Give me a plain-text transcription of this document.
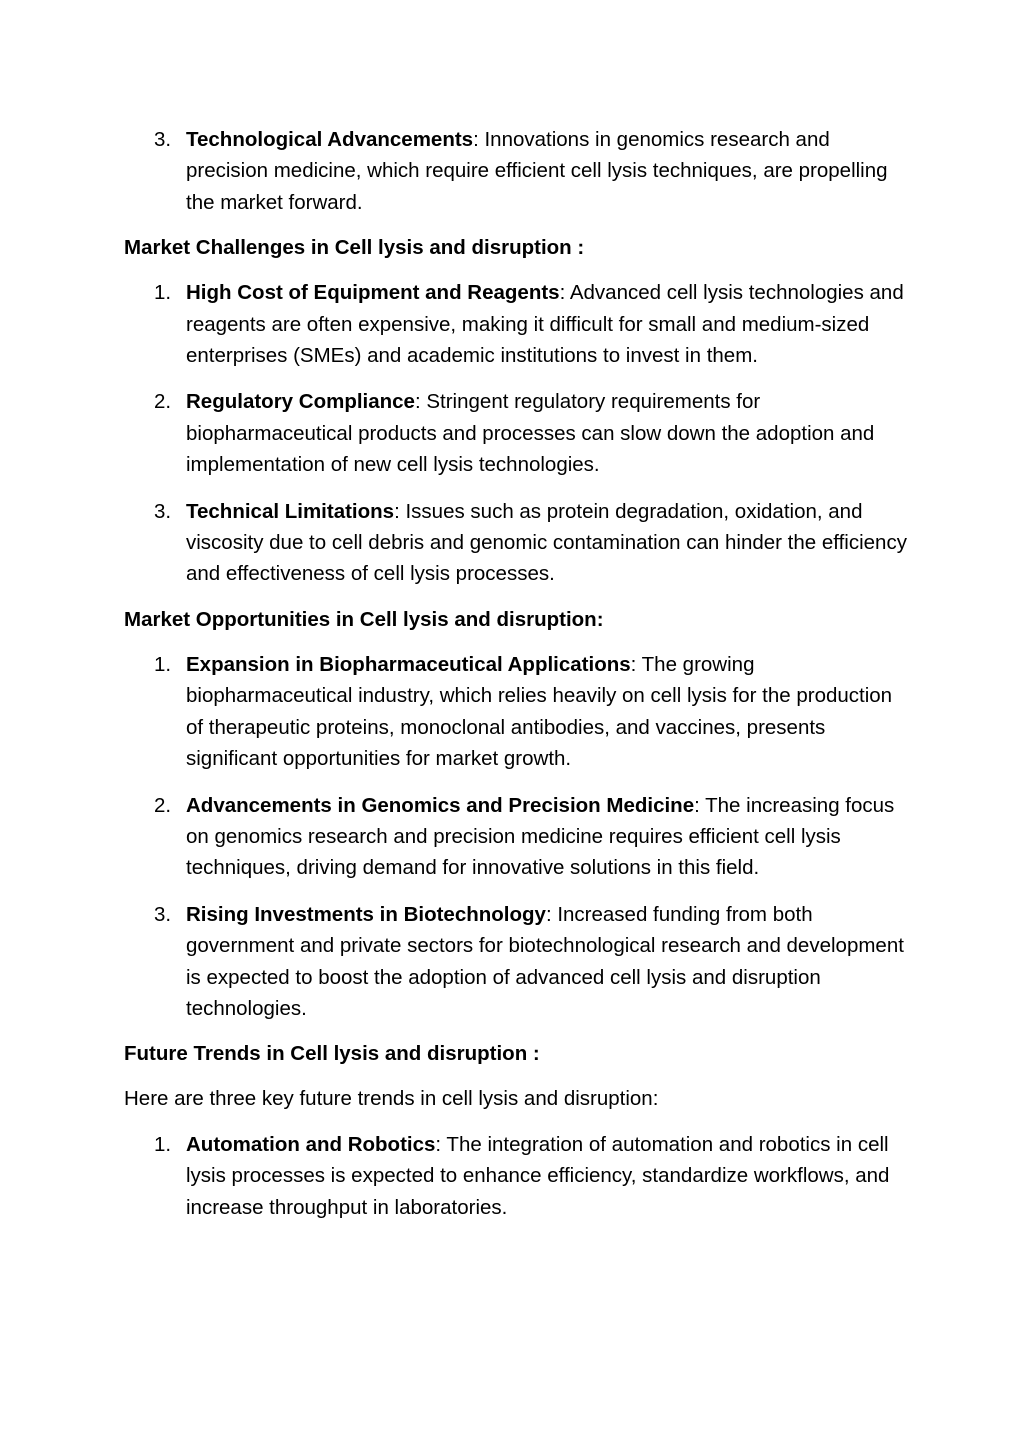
3. Technological Advancements: Innovations in genomics research and precision medicine, which require efficient cell lysis techniques, are propelling the market forward.

Market Challenges in Cell lysis and disruption :

1. High Cost of Equipment and Reagents: Advanced cell lysis technologies and reagents are often expensive, making it difficult for small and medium-sized enterprises (SMEs) and academic institutions to invest in them.
2. Regulatory Compliance: Stringent regulatory requirements for biopharmaceutical products and processes can slow down the adoption and implementation of new cell lysis technologies.
3. Technical Limitations: Issues such as protein degradation, oxidation, and viscosity due to cell debris and genomic contamination can hinder the efficiency and effectiveness of cell lysis processes.

Market Opportunities in Cell lysis and disruption:

1. Expansion in Biopharmaceutical Applications: The growing biopharmaceutical industry, which relies heavily on cell lysis for the production of therapeutic proteins, monoclonal antibodies, and vaccines, presents significant opportunities for market growth.
2. Advancements in Genomics and Precision Medicine: The increasing focus on genomics research and precision medicine requires efficient cell lysis techniques, driving demand for innovative solutions in this field.
3. Rising Investments in Biotechnology: Increased funding from both government and private sectors for biotechnological research and development is expected to boost the adoption of advanced cell lysis and disruption technologies.

Future Trends in Cell lysis and disruption :

Here are three key future trends in cell lysis and disruption:

1. Automation and Robotics: The integration of automation and robotics in cell lysis processes is expected to enhance efficiency, standardize workflows, and increase throughput in laboratories.
